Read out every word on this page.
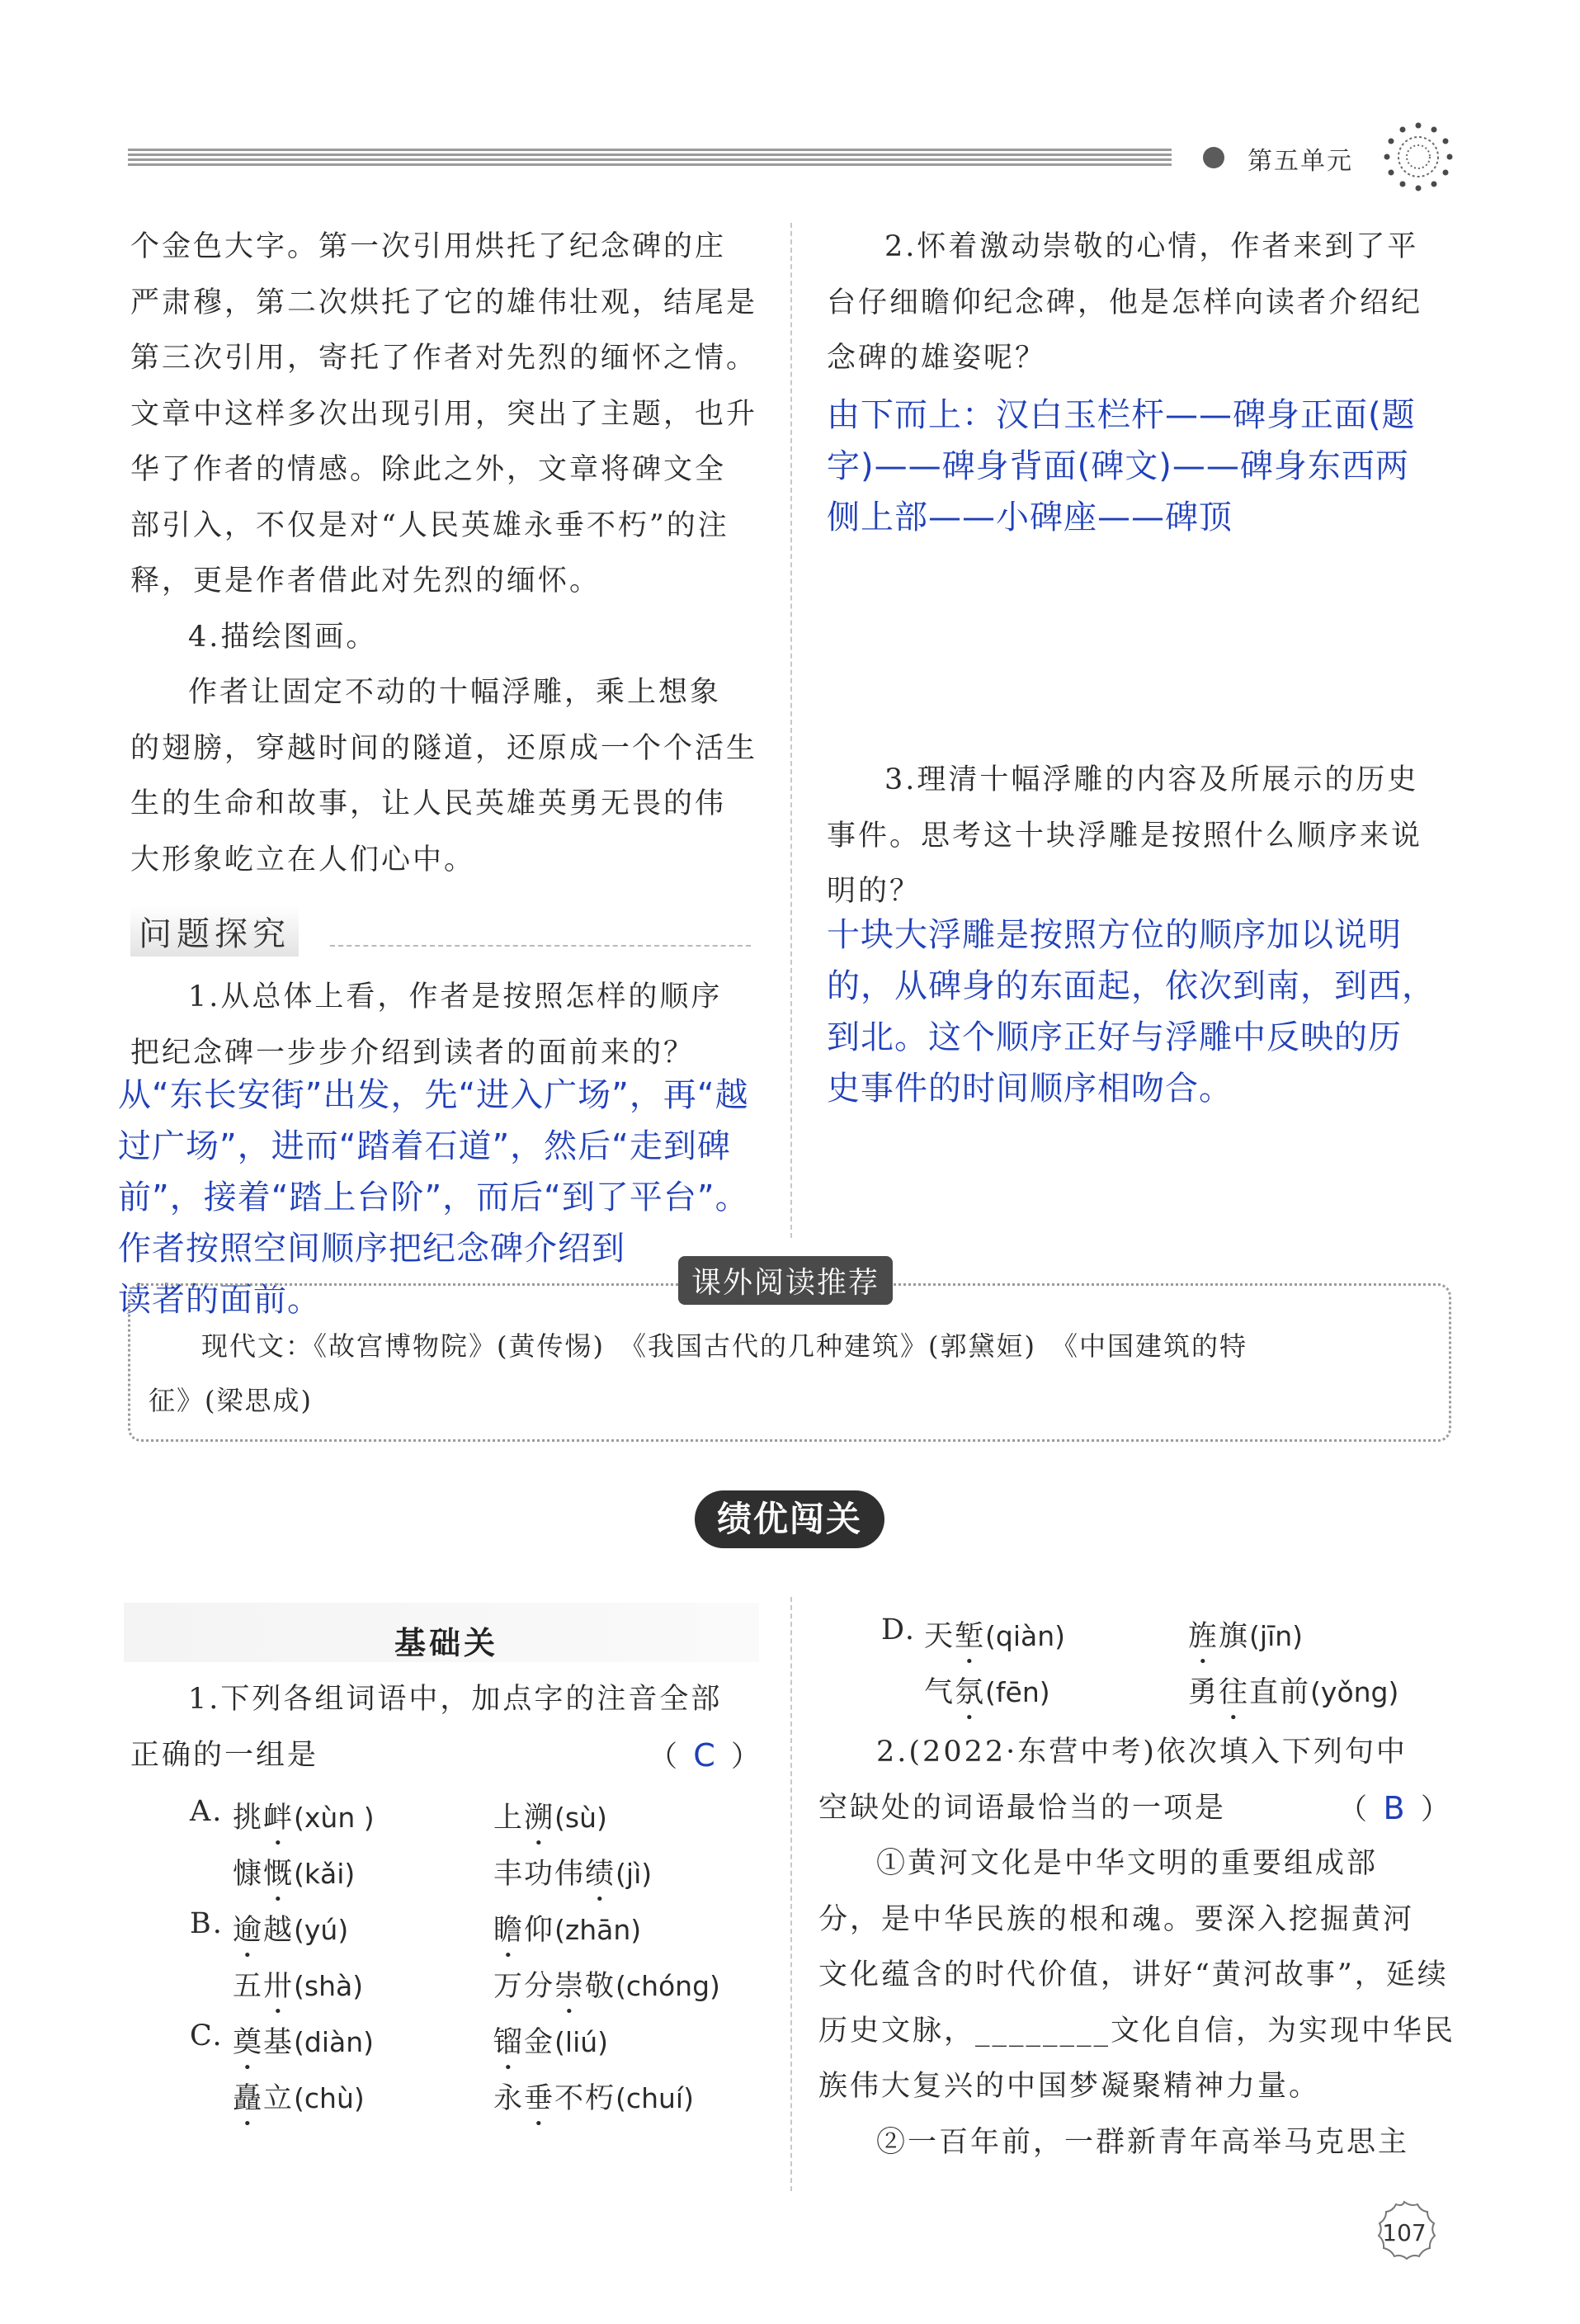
第五单元

个金色大字。第一次引用烘托了纪念碑的庄

严肃穆，第二次烘托了它的雄伟壮观，结尾是

第三次引用，寄托了作者对先烈的缅怀之情。

文章中这样多次出现引用，突出了主题，也升

华了作者的情感。除此之外，文章将碑文全

部引入，不仅是对“人民英雄永垂不朽”的注

释，更是作者借此对先烈的缅怀。

4.描绘图画。

作者让固定不动的十幅浮雕，乘上想象

的翅膀，穿越时间的隧道，还原成一个个活生

生的生命和故事，让人民英雄英勇无畏的伟

大形象屹立在人们心中。

问题探究

1.从总体上看，作者是按照怎样的顺序

把纪念碑一步步介绍到读者的面前来的？

从“东长安街”出发，先“进入广场”，再“越

过广场”，进而“踏着石道”，然后“走到碑

前”，接着“踏上台阶”，而后“到了平台”。

作者按照空间顺序把纪念碑介绍到

读者的面前。

2.怀着激动崇敬的心情，作者来到了平

台仔细瞻仰纪念碑，他是怎样向读者介绍纪

念碑的雄姿呢？

由下而上：汉白玉栏杆——碑身正面(题

字)——碑身背面(碑文)——碑身东西两

侧上部——小碑座——碑顶

3.理清十幅浮雕的内容及所展示的历史

事件。思考这十块浮雕是按照什么顺序来说

明的？

十块大浮雕是按照方位的顺序加以说明

的，从碑身的东面起，依次到南，到西，

到北。这个顺序正好与浮雕中反映的历

史事件的时间顺序相吻合。

课外阅读推荐

现代文：《故宫博物院》(黄传惕)　《我国古代的几种建筑》(郭黛姮)　《中国建筑的特

征》(梁思成)

绩优闯关
基础关
1.下列各组词语中，加点字的注音全部
正确的一组是	（ C ）
A. 挑衅(xùn )	上溯(sù)
慷慨(kǎi)	丰功伟绩(jì)
B. 逾越(yú)	瞻仰(zhān)
五卅(shà)	万分崇敬(chóng)
C. 奠基(diàn)	镏金(liú)
矗立(chù)	永垂不朽(chuí)
D. 天堑(qiàn)	旌旗(jīn)
气氛(fēn)	勇往直前(yǒng)
2.(2022·东营中考)依次填入下列句中
空缺处的词语最恰当的一项是	（ B ）
①黄河文化是中华文明的重要组成部
分，是中华民族的根和魂。要深入挖掘黄河
文化蕴含的时代价值，讲好“黄河故事”，延续
历史文脉，________文化自信，为实现中华民
族伟大复兴的中国梦凝聚精神力量。
②一百年前，一群新青年高举马克思主
107
